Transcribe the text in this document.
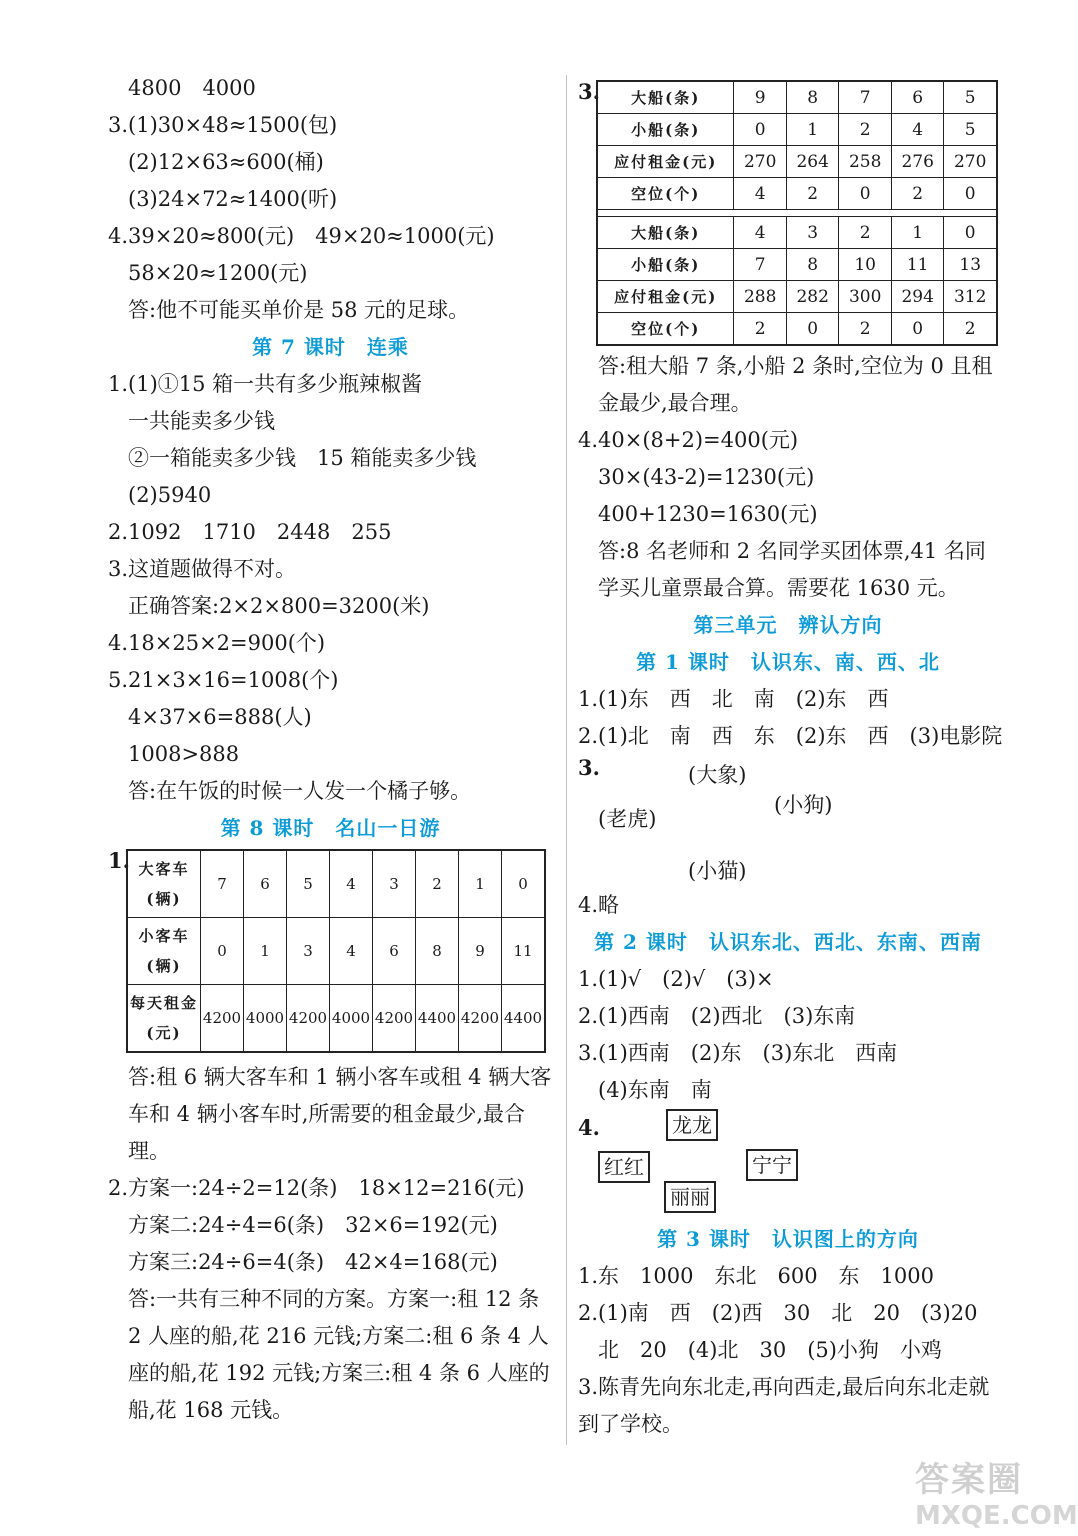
4800　4000
3.(1)30×48≈1500(包)
(2)12×63≈600(桶)
(3)24×72≈1400(听)
4.39×20≈800(元)　49×20≈1000(元)
58×20≈1200(元)
答:他不可能买单价是 58 元的足球。
第 7 课时　连乘
1.(1)①15 箱一共有多少瓶辣椒酱
一共能卖多少钱
②一箱能卖多少钱　15 箱能卖多少钱
(2)5940
2.1092　1710　2448　255
3.这道题做得不对。
正确答案:2×2×800=3200(米)
4.18×25×2=900(个)
5.21×3×16=1008(个)
4×37×6=888(人)
1008>888
答:在午饭的时候一人发一个橘子够。
第 8 课时　名山一日游
1. 大客车(辆)	7	6	5	4	3	2	1	0
小客车(辆)	0	1	3	4	6	8	9	11
每天租金(元)	4200	4000	4200	4000	4200	4400	4200	4400
答:租 6 辆大客车和 1 辆小客车或租 4 辆大客车和 4 辆小客车时,所需要的租金最少,最合理。
2.方案一:24÷2=12(条)　18×12=216(元)
方案二:24÷4=6(条)　32×6=192(元)
方案三:24÷6=4(条)　42×4=168(元)
答:一共有三种不同的方案。方案一:租 12 条 2 人座的船,花 216 元钱;方案二:租 6 条 4 人座的船,花 192 元钱;方案三:租 4 条 6 人座的船,花 168 元钱。
3. 大船(条)	9	8	7	6	5
小船(条)	0	1	2	4	5
应付租金(元)	270	264	258	276	270
空位(个)	4	2	0	2	0

大船(条)	4	3	2	1	0
小船(条)	7	8	10	11	13
应付租金(元)	288	282	300	294	312
空位(个)	2	0	2	0	2
答:租大船 7 条,小船 2 条时,空位为 0 且租金最少,最合理。
4.40×(8+2)=400(元)
30×(43-2)=1230(元)
400+1230=1630(元)
答:8 名老师和 2 名同学买团体票,41 名同学买儿童票最合算。需要花 1630 元。
第三单元　辨认方向
第 1 课时　认识东、南、西、北
1.(1)东　西　北　南　(2)东　西
2.(1)北　南　西　东　(2)东　西　(3)电影院
3.	(大象)
(小狗)
(老虎)
(小猫)
4.略
第 2 课时　认识东北、西北、东南、西南
1.(1)√　(2)√　(3)×
2.(1)西南　(2)西北　(3)东南
3.(1)西南　(2)东　(3)东北　西南
(4)东南　南
4.	龙龙
红红	宁宁
丽丽
第 3 课时　认识图上的方向
1.东　1000　东北　600　东　1000
2.(1)南　西　(2)西　30　北　20　(3)20
北　20　(4)北　30　(5)小狗　小鸡
3.陈青先向东北走,再向西走,最后向东北走就到了学校。
答案圈
MXQE.COM
